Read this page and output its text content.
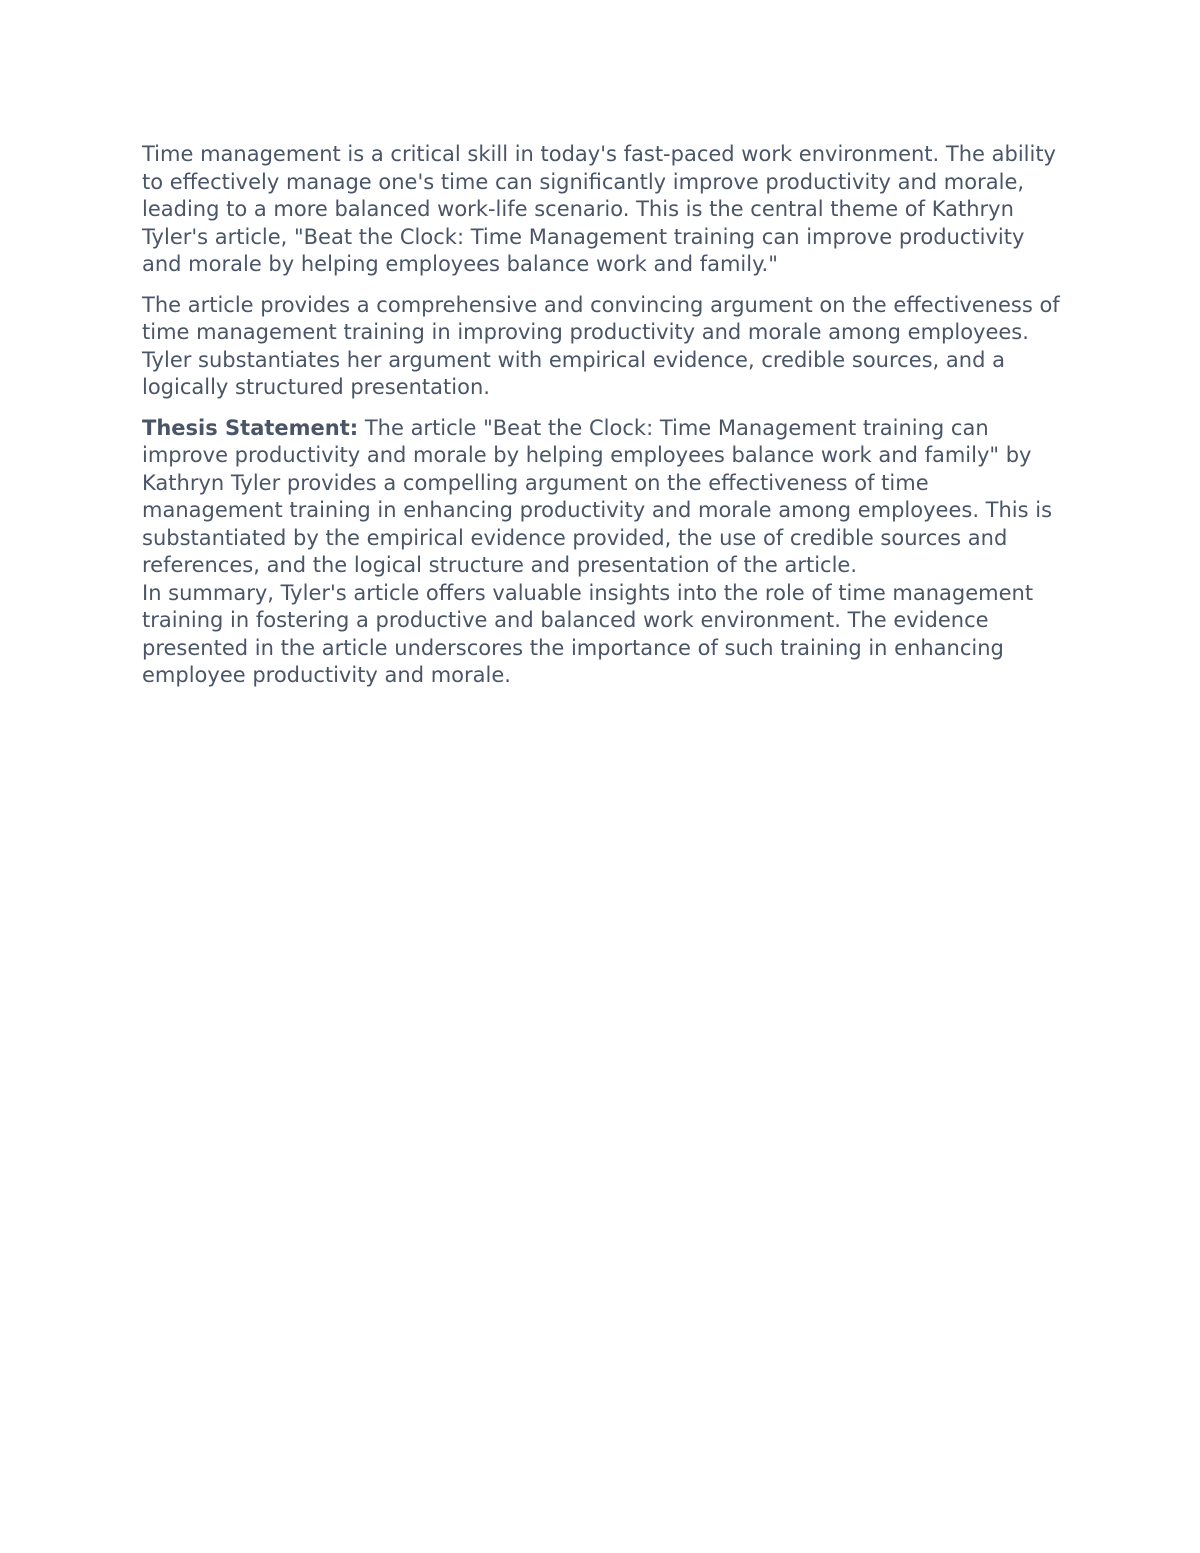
Time management is a critical skill in today's fast-paced work environment. The ability to effectively manage one's time can significantly improve productivity and morale, leading to a more balanced work-life scenario. This is the central theme of Kathryn Tyler's article, "Beat the Clock: Time Management training can improve productivity and morale by helping employees balance work and family."

The article provides a comprehensive and convincing argument on the effectiveness of time management training in improving productivity and morale among employees. Tyler substantiates her argument with empirical evidence, credible sources, and a logically structured presentation.

Thesis Statement: The article "Beat the Clock: Time Management training can improve productivity and morale by helping employees balance work and family" by Kathryn Tyler provides a compelling argument on the effectiveness of time management training in enhancing productivity and morale among employees. This is substantiated by the empirical evidence provided, the use of credible sources and references, and the logical structure and presentation of the article.

In summary, Tyler's article offers valuable insights into the role of time management training in fostering a productive and balanced work environment. The evidence presented in the article underscores the importance of such training in enhancing employee productivity and morale.
